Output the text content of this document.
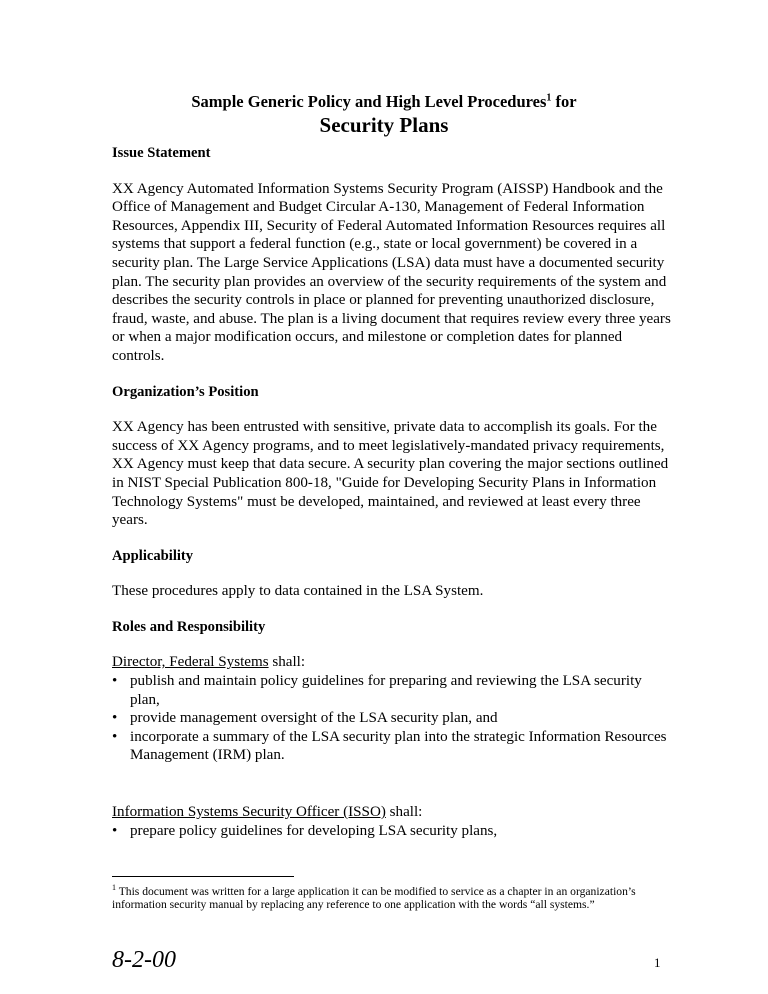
Sample Generic Policy and High Level Procedures$^1$ for
Security Plans
Issue Statement
XX Agency Automated Information Systems Security Program (AISSP) Handbook and the Office of Management and Budget Circular A-130, Management of Federal Information Resources, Appendix III, Security of Federal Automated Information Resources requires all systems that support a federal function (e.g., state or local government) be covered in a security plan. The Large Service Applications (LSA) data must have a documented security plan. The security plan provides an overview of the security requirements of the system and describes the security controls in place or planned for preventing unauthorized disclosure, fraud, waste, and abuse. The plan is a living document that requires review every three years or when a major modification occurs, and milestone or completion dates for planned controls.
Organization’s Position
XX Agency has been entrusted with sensitive, private data to accomplish its goals. For the success of XX Agency programs, and to meet legislatively-mandated privacy requirements, XX Agency must keep that data secure. A security plan covering the major sections outlined in NIST Special Publication 800-18, "Guide for Developing Security Plans in Information Technology Systems" must be developed, maintained, and reviewed at least every three years.
Applicability
These procedures apply to data contained in the LSA System.
Roles and Responsibility
Director, Federal Systems shall:
• publish and maintain policy guidelines for preparing and reviewing the LSA security plan,
• provide management oversight of the LSA security plan, and
• incorporate a summary of the LSA security plan into the strategic Information Resources Management (IRM) plan.
Information Systems Security Officer (ISSO) shall:
• prepare policy guidelines for developing LSA security plans,
$^1$ This document was written for a large application it can be modified to service as a chapter in an organization’s information security manual by replacing any reference to one application with the words “all systems.”
8-2-00	1
